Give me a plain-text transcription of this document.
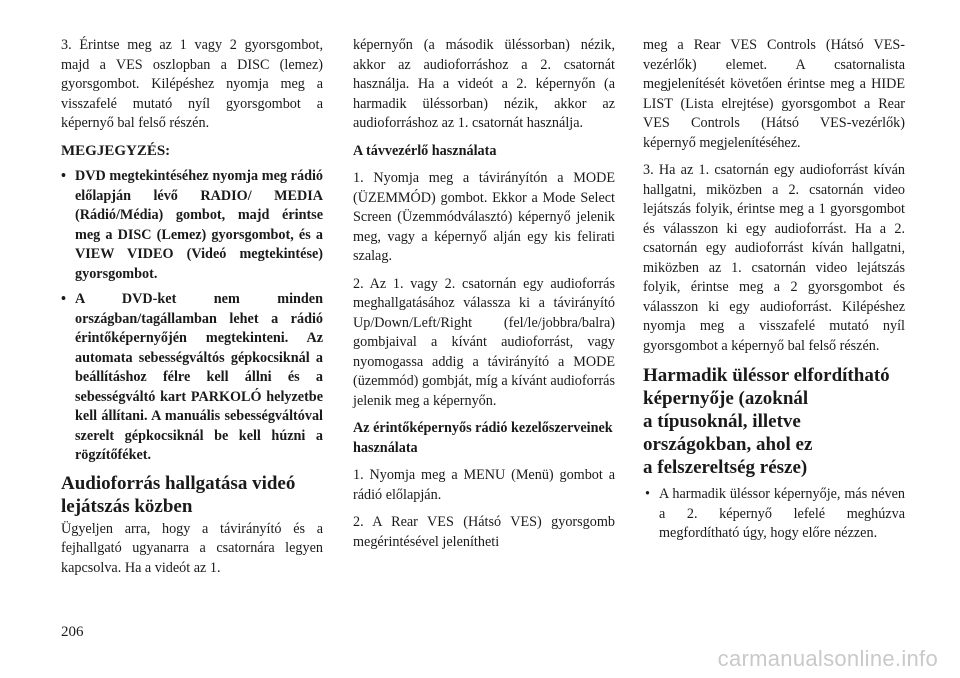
3. Érintse meg az 1 vagy 2 gyorsgombot, majd a VES oszlopban a DISC (lemez) gyorsgombot. Kilépéshez nyomja meg a visszafelé mutató nyíl gyorsgombot a képernyő bal felső részén.

MEGJEGYZÉS:
• DVD megtekintéséhez nyomja meg rádió előlapján lévő RADIO/ MEDIA (Rádió/Média) gombot, majd érintse meg a DISC (Lemez) gyorsgombot, és a VIEW VIDEO (Videó megtekintése) gyorsgombot.
• A DVD-ket nem minden országban/tagállamban lehet a rádió érintőképernyőjén megtekinteni. Az automata sebességváltós gépkocsiknál a beállításhoz félre kell állni és a sebességváltó kart PARKOLÓ helyzetbe kell állítani. A manuális sebességváltóval szerelt gépkocsiknál be kell húzni a rögzítőféket.
Audioforrás hallgatása videó lejátszás közben

Ügyeljen arra, hogy a távirányító és a fejhallgató ugyanarra a csatornára legyen kapcsolva. Ha a videót az 1.

képernyőn (a második üléssorban) nézik, akkor az audioforráshoz a 2. csatornát használja. Ha a videót a 2. képernyőn (a harmadik üléssorban) nézik, akkor az audioforráshoz az 1. csatornát használja.

A távvezérlő használata

1. Nyomja meg a távirányítón a MODE (ÜZEMMÓD) gombot. Ekkor a Mode Select Screen (Üzemmódválasztó) képernyő jelenik meg, vagy a képernyő alján egy kis felirati szalag.

2. Az 1. vagy 2. csatornán egy audioforrás meghallgatásához válassza ki a távirányító Up/Down/Left/Right (fel/le/jobbra/balra) gombjaival a kívánt audioforrást, vagy nyomogassa addig a távirányító a MODE (üzemmód) gombját, míg a kívánt audioforrás jelenik meg a képernyőn.

Az érintőképernyős rádió kezelőszerveinek használata

1. Nyomja meg a MENU (Menü) gombot a rádió előlapján.

2. A Rear VES (Hátsó VES) gyorsgomb megérintésével jelenítheti

meg a Rear VES Controls (Hátsó VES-vezérlők) elemet. A csatornalista megjelenítését követően érintse meg a HIDE LIST (Lista elrejtése) gyorsgombot a Rear VES Controls (Hátsó VES-vezérlők) képernyő megjelenítéséhez.

3. Ha az 1. csatornán egy audioforrást kíván hallgatni, miközben a 2. csatornán video lejátszás folyik, érintse meg a 1 gyorsgombot és válasszon ki egy audioforrást. Ha a 2. csatornán egy audioforrást kíván hallgatni, miközben az 1. csatornán video lejátszás folyik, érintse meg a 2 gyorsgombot és válasszon ki egy audioforrást. Kilépéshez nyomja meg a visszafelé mutató nyíl gyorsgombot a képernyő bal felső részén.

Harmadik üléssor elfordítható
képernyője (azoknál
a típusoknál, illetve
országokban, ahol ez
a felszereltség része)
• A harmadik üléssor képernyője, más néven a 2. képernyő lefelé meghúzva megfordítható úgy, hogy előre nézzen.
206
carmanualsonline.info
